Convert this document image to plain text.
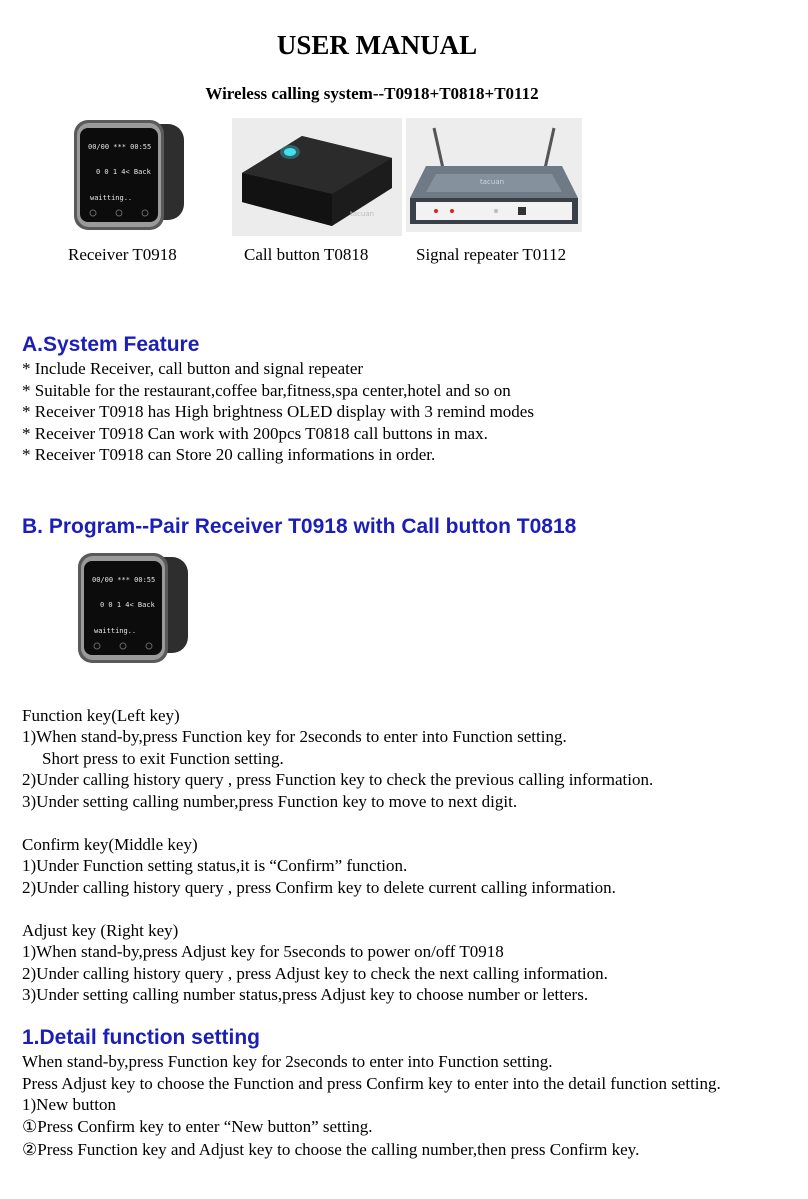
USER MANUAL
Wireless calling system--T0918+T0818+T0112
00/00 *** 00:55
0 0 1 4< Back
waitting..
Receiver T0918
tacuan
Call button T0818
tacuan
Signal repeater T0112
A.System Feature
* Include Receiver, call button and signal repeater
* Suitable for the restaurant,coffee bar,fitness,spa center,hotel and so on
* Receiver T0918 has High brightness OLED display with 3 remind modes
* Receiver T0918 Can work with 200pcs T0818 call buttons in max.
* Receiver T0918 can Store 20 calling informations in order.
B. Program--Pair Receiver T0918 with Call button T0818
00/00 *** 00:55
0 0 1 4< Back
waitting..
Function key(Left key)
1)When stand-by,press Function key for 2seconds to enter into Function setting.
Short press to exit Function setting.
2)Under calling history query , press Function key to check the previous calling information.
3)Under setting calling number,press Function key to move to next digit.
Confirm key(Middle key)
1)Under Function setting status,it is “Confirm” function.
2)Under calling history query , press Confirm key to delete current calling information.
Adjust key (Right key)
1)When stand-by,press Adjust key for 5seconds to power on/off T0918
2)Under calling history query , press Adjust key to check the next calling information.
3)Under setting calling number status,press Adjust key to choose number or letters.
1.Detail function setting
When stand-by,press Function key for 2seconds to enter into Function setting.
Press Adjust key to choose the Function and press Confirm key to enter into the detail function setting.
1)New button
①Press Confirm key to enter “New button” setting.
②Press Function key and Adjust key to choose the calling number,then press Confirm key.
